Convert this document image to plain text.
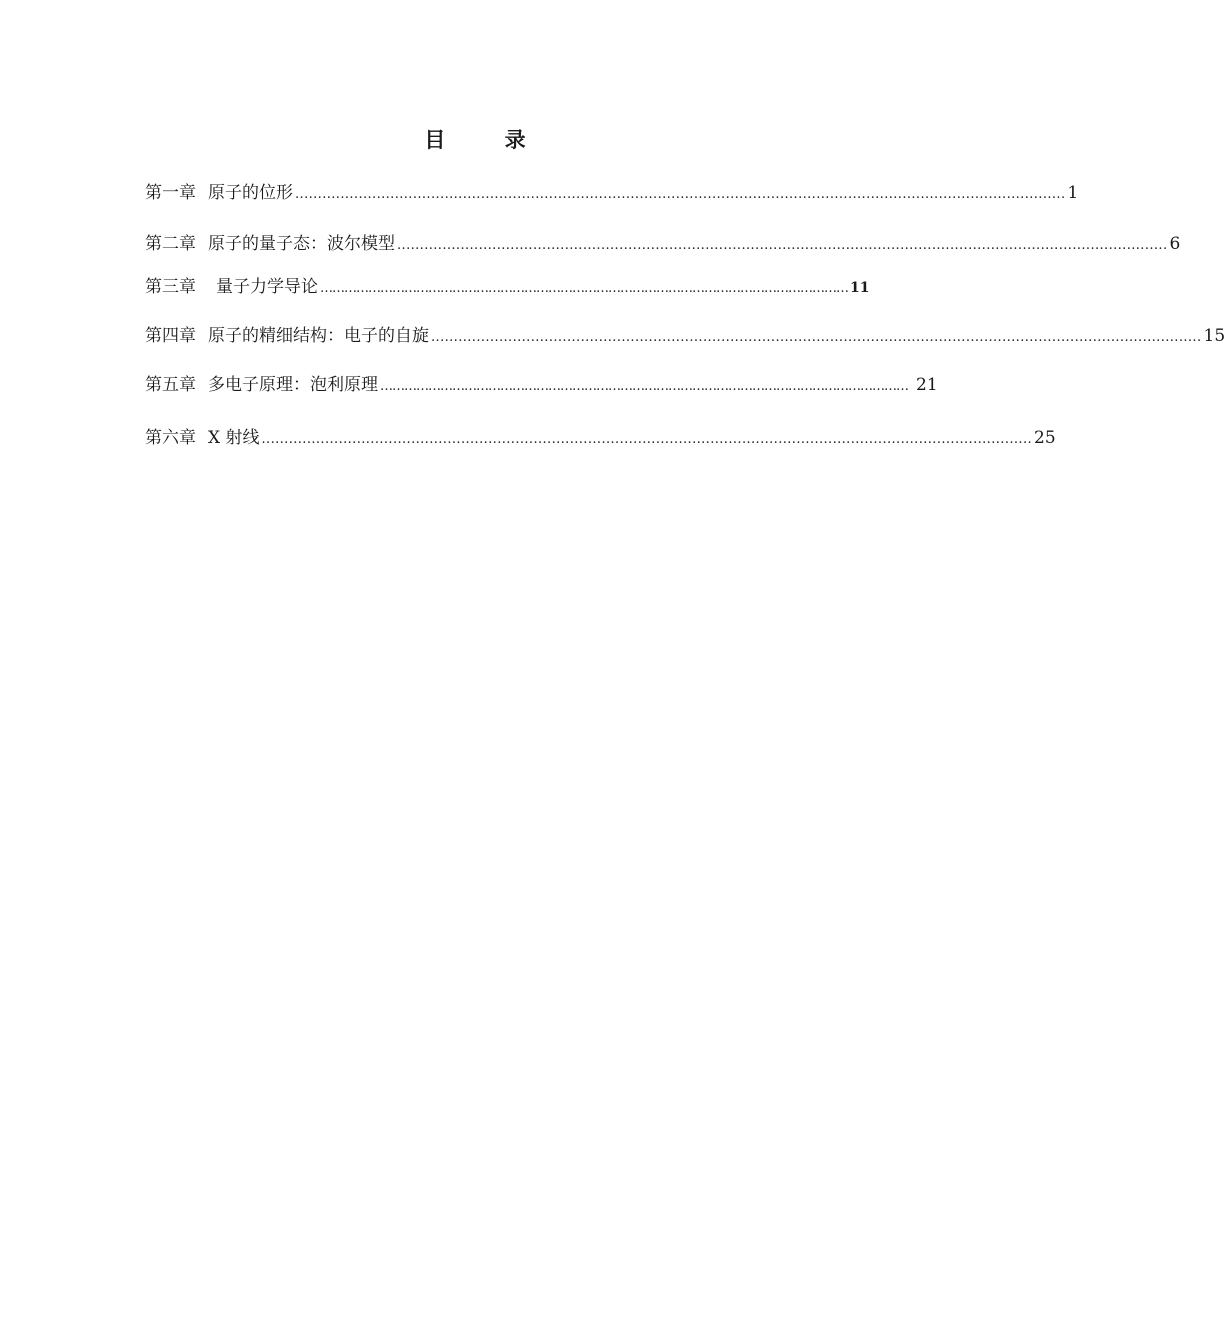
目 录
第一章 原子的位形 .......................................................................................................................................................................... 1
第二章 原子的量子态：波尔模型 .......................................................................................................................................................................... 6
第三章 量子力学导论 …………………………………………………………………………………………………………………… 11
第四章 原子的精细结构：电子的自旋 .......................................................................................................................................................................... 15
第五章 多电子原理：泡利原理 …………………………………………………………………………………………………………………… 21
第六章 X 射线 .......................................................................................................................................................................... 25
